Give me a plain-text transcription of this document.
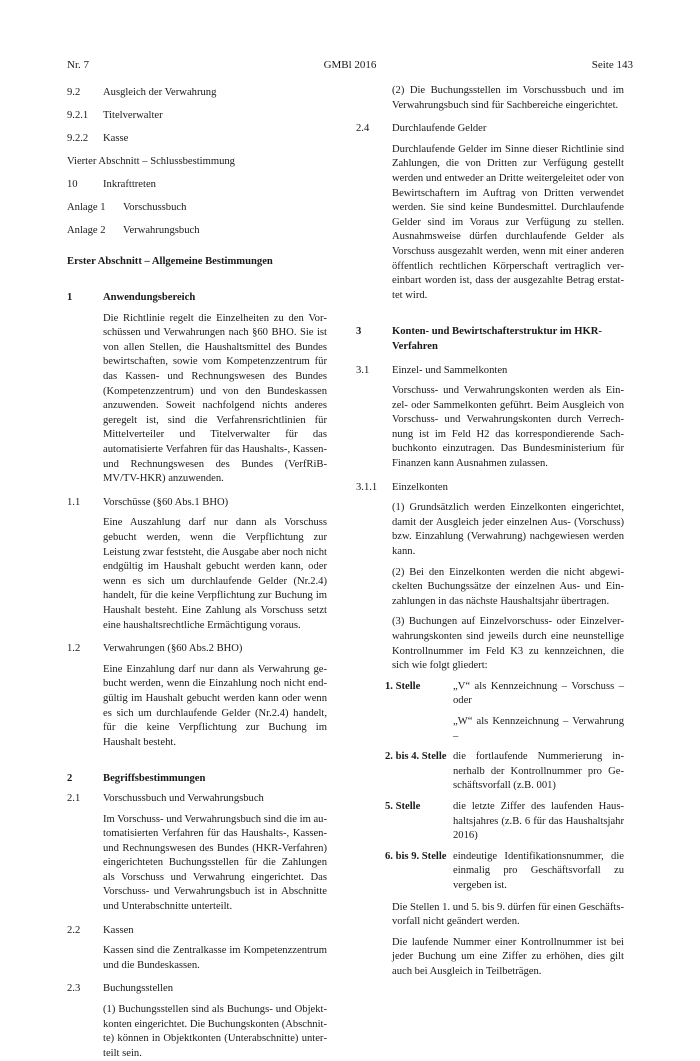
Nr. 7	GMBl 2016	Seite 143
9.2	Ausgleich der Verwahrung
9.2.1	Titelverwalter
9.2.2	Kasse
Vierter Abschnitt – Schlussbestimmung
10	Inkrafttreten
Anlage 1	Vorschussbuch
Anlage 2	Verwahrungsbuch
Erster Abschnitt – Allgemeine Bestimmungen
1	Anwendungsbereich

Die Richtlinie regelt die Einzelheiten zu den Vorschüssen und Verwahrungen nach §60 BHO. Sie ist von allen Stellen, die Haushaltsmittel des Bundes bewirtschaften, sowie vom Kompetenzzentrum für das Kassen- und Rechnungswesen des Bundes (Kompetenzzentrum) und von den Bundeskassen anzuwenden. Soweit nachfolgend nichts anderes geregelt ist, sind die Verfahrensrichtlinien für Mittelverteiler und Titelverwalter für das automatisierte Verfahren für das Haushalts-, Kassen- und Rechnungswesen des Bundes (VerfRiB-MV/TV-HKR) anzuwenden.

1.1	Vorschüsse (§60 Abs.1 BHO)

Eine Auszahlung darf nur dann als Vorschuss gebucht werden, wenn die Verpflichtung zur Leistung zwar feststeht, die Ausgabe aber noch nicht endgültig im Haushalt gebucht werden kann, oder wenn es sich um durchlaufende Gelder (Nr.2.4) handelt, für die keine Verpflichtung zur Buchung im Haushalt besteht. Eine Zahlung als Vorschuss setzt eine haushaltsrechtliche Ermächtigung voraus.

1.2	Verwahrungen (§60 Abs.2 BHO)

Eine Einzahlung darf nur dann als Verwahrung gebucht werden, wenn die Einzahlung noch nicht endgültig im Haushalt gebucht werden kann oder wenn es sich um durchlaufende Gelder (Nr.2.4) handelt, für die keine Verpflichtung zur Buchung im Haushalt besteht.

2	Begriffsbestimmungen
2.1	Vorschussbuch und Verwahrungsbuch

Im Vorschuss- und Verwahrungsbuch sind die im automatisierten Verfahren für das Haushalts-, Kassen- und Rechnungswesen des Bundes (HKR-Verfahren) eingerichteten Buchungsstellen für die Zahlungen als Vorschuss und Verwahrung eingerichtet. Das Vorschuss- und Verwahrungsbuch ist in Abschnitte und Unterabschnitte unterteilt.

2.2	Kassen

Kassen sind die Zentralkasse im Kompetenzzentrum und die Bundeskassen.

2.3	Buchungsstellen

(1) Buchungsstellen sind als Buchungs- und Objektkonten eingerichtet. Die Buchungskonten (Abschnitte) können in Objektkonten (Unterabschnitte) unterteilt sein.

(2) Die Buchungsstellen im Vorschussbuch und im Verwahrungsbuch sind für Sachbereiche eingerichtet.

2.4	Durchlaufende Gelder

Durchlaufende Gelder im Sinne dieser Richtlinie sind Zahlungen, die von Dritten zur Verfügung gestellt werden und entweder an Dritte weitergeleitet oder von Bewirtschaftern im Auftrag von Dritten verwendet werden. Sie sind keine Bundesmittel. Durchlaufende Gelder sind im Voraus zur Verfügung zu stellen. Ausnahmsweise dürfen durchlaufende Gelder als Vorschuss ausgezahlt werden, wenn mit einer anderen öffentlich rechtlichen Körperschaft vertraglich vereinbart worden ist, dass der ausgezahlte Betrag erstattet wird.

3	Konten- und Bewirtschafterstruktur im HKR-Verfahren
3.1	Einzel- und Sammelkonten

Vorschuss- und Verwahrungskonten werden als Einzel- oder Sammelkonten geführt. Beim Ausgleich von Vorschuss- und Verwahrungskonten durch Verrechnung ist im Feld H2 das korrespondierende Sachbuchkonto einzutragen. Das Bundesministerium für Finanzen kann Ausnahmen zulassen.

3.1.1	Einzelkonten

(1) Grundsätzlich werden Einzelkonten eingerichtet, damit der Ausgleich jeder einzelnen Aus- (Vorschuss) bzw. Einzahlung (Verwahrung) nachgewiesen werden kann.

(2) Bei den Einzelkonten werden die nicht abgewickelten Buchungssätze der einzelnen Aus- und Einzahlungen in das nächste Haushaltsjahr übertragen.

(3) Buchungen auf Einzelvorschuss- oder Einzelverwahrungskonten sind jeweils durch eine neunstellige Kontrollnummer im Feld K3 zu kennzeichnen, die sich wie folgt gliedert:

1. Stelle	„V“ als Kennzeichnung – Vorschuss – oder
„W“ als Kennzeichnung – Verwahrung –
2. bis 4. Stelle die fortlaufende Nummerierung innerhalb der Kontrollnummer pro Geschäftsvorfall (z.B. 001)
5. Stelle	die letzte Ziffer des laufenden Haushaltsjahres (z.B. 6 für das Haushaltsjahr 2016)
6. bis 9. Stelle eindeutige Identifikationsnummer, die einmalig pro Geschäftsvorfall zu vergeben ist.

Die Stellen 1. und 5. bis 9. dürfen für einen Geschäftsvorfall nicht geändert werden.

Die laufende Nummer einer Kontrollnummer ist bei jeder Buchung um eine Ziffer zu erhöhen, dies gilt auch bei Ausgleich in Teilbeträgen.
